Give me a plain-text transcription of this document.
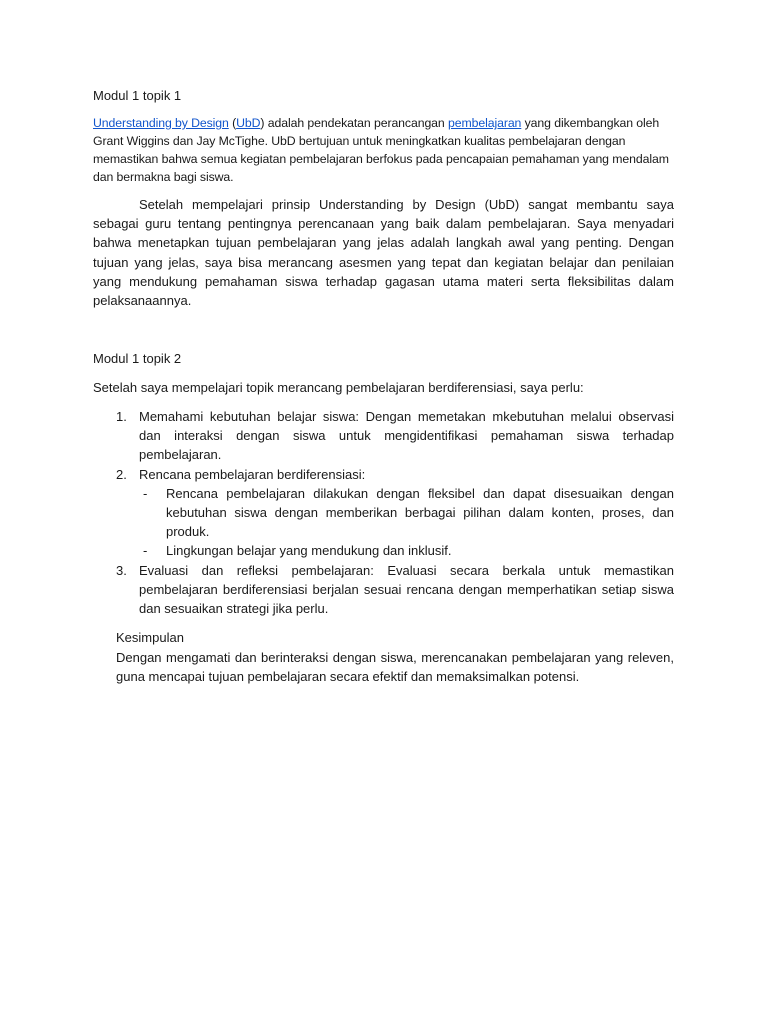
Modul 1 topik 1
Understanding by Design (UbD) adalah pendekatan perancangan pembelajaran yang dikembangkan oleh Grant Wiggins dan Jay McTighe. UbD bertujuan untuk meningkatkan kualitas pembelajaran dengan memastikan bahwa semua kegiatan pembelajaran berfokus pada pencapaian pemahaman yang mendalam dan bermakna bagi siswa.
Setelah mempelajari prinsip Understanding by Design (UbD) sangat membantu saya sebagai guru tentang pentingnya perencanaan yang baik dalam pembelajaran. Saya menyadari bahwa menetapkan tujuan pembelajaran yang jelas adalah langkah awal yang penting. Dengan tujuan yang jelas, saya bisa merancang asesmen yang tepat dan kegiatan belajar dan penilaian yang mendukung pemahaman siswa terhadap gagasan utama materi serta fleksibilitas dalam pelaksanaannya.
Modul 1 topik 2
Setelah saya mempelajari topik merancang pembelajaran berdiferensiasi, saya perlu:
1. Memahami kebutuhan belajar siswa: Dengan memetakan mkebutuhan melalui observasi dan interaksi dengan siswa untuk mengidentifikasi pemahaman siswa terhadap pembelajaran.
2. Rencana pembelajaran berdiferensiasi:
-	Rencana pembelajaran dilakukan dengan fleksibel dan dapat disesuaikan dengan kebutuhan siswa dengan memberikan berbagai pilihan dalam konten, proses, dan produk.
-	Lingkungan belajar yang mendukung dan inklusif.
3. Evaluasi dan refleksi pembelajaran: Evaluasi secara berkala untuk memastikan pembelajaran berdiferensiasi berjalan sesuai rencana dengan memperhatikan setiap siswa dan sesuaikan strategi jika perlu.
Kesimpulan
Dengan mengamati dan berinteraksi dengan siswa, merencanakan pembelajaran yang releven, guna mencapai tujuan pembelajaran secara efektif dan memaksimalkan potensi.
